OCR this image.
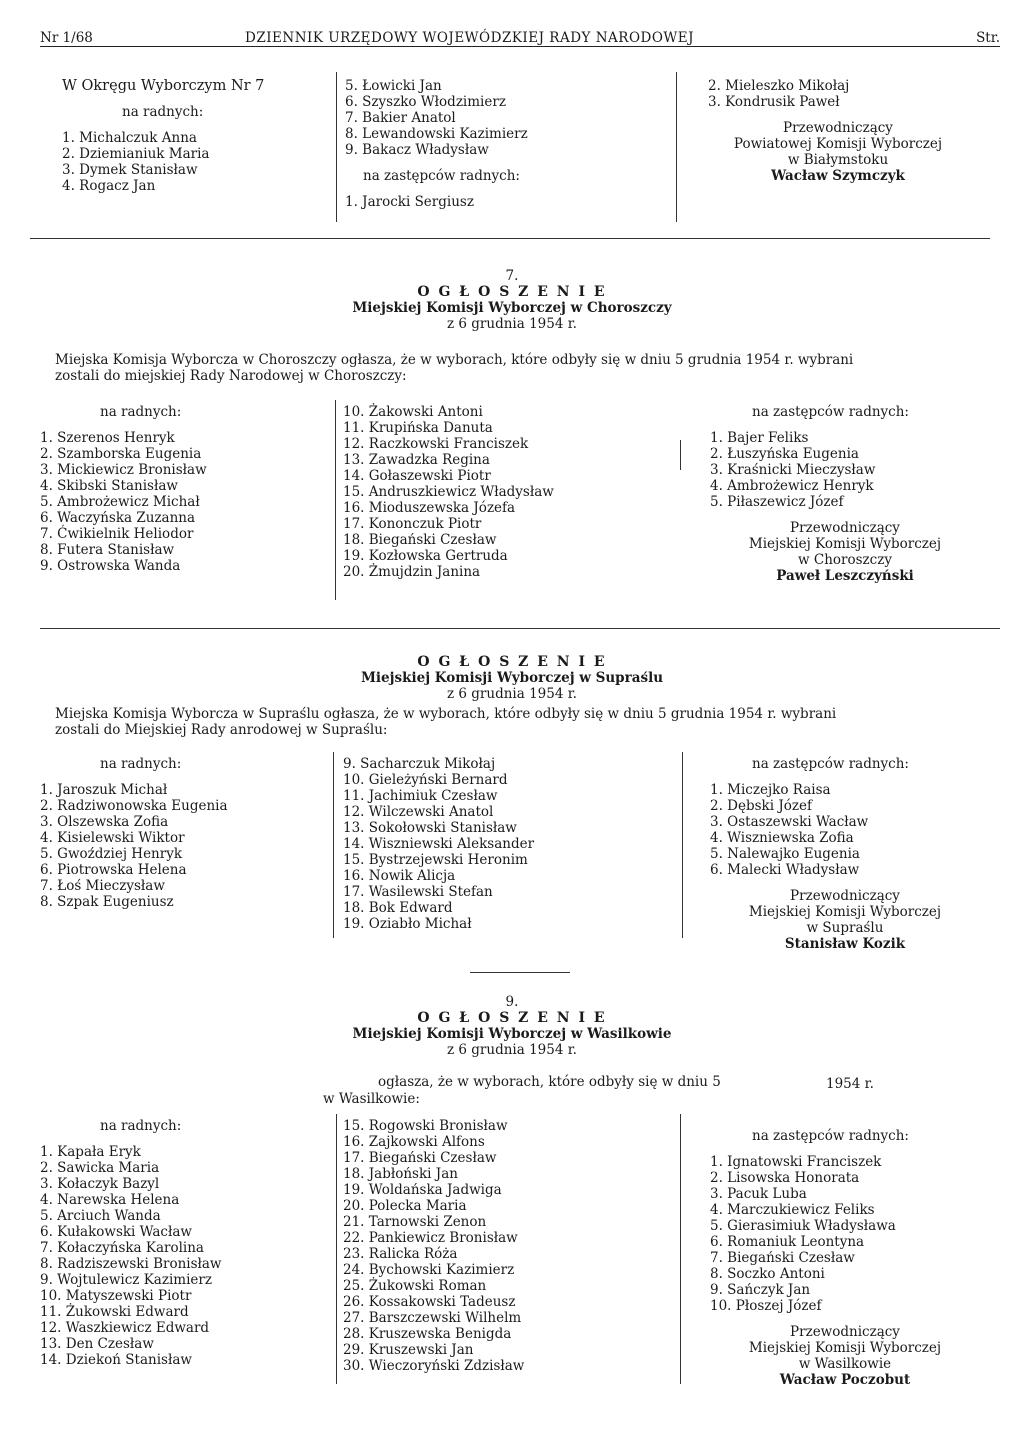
Nr 1/68	DZIENNIK URZĘDOWY WOJEWÓDZKIEJ RADY NARODOWEJ	Str.
W Okręgu Wyborczym Nr 7
na radnych:
1. Michalczuk Anna
2. Dziemianiuk Maria
3. Dymek Stanisław
4. Rogacz Jan
5. Łowicki Jan
6. Szyszko Włodzimierz
7. Bakier Anatol
8. Lewandowski Kazimierz
9. Bakacz Władysław
na zastępców radnych:
1. Jarocki Sergiusz
2. Mieleszko Mikołaj
3. Kondrusik Paweł
Przewodniczący
Powiatowej Komisji Wyborczej
w Białymstoku
Wacław Szymczyk
7.
O G Ł O S Z E N I E
Miejskiej Komisji Wyborczej w Choroszczy
z 6 grudnia 1954 r.
Miejska Komisja Wyborcza w Choroszczy ogłasza, że w wyborach, które odbyły się w dniu 5 grudnia 1954 r. wybrani
zostali do miejskiej Rady Narodowej w Choroszczy:
na radnych:
1. Szerenos Henryk
2. Szamborska Eugenia
3. Mickiewicz Bronisław
4. Skibski Stanisław
5. Ambrożewicz Michał
6. Waczyńska Zuzanna
7. Ćwikielnik Heliodor
8. Futera Stanisław
9. Ostrowska Wanda
10. Żakowski Antoni
11. Krupińska Danuta
12. Raczkowski Franciszek
13. Zawadzka Regina
14. Gołaszewski Piotr
15. Andruszkiewicz Władysław
16. Mioduszewska Józefa
17. Kononczuk Piotr
18. Biegański Czesław
19. Kozłowska Gertruda
20. Żmujdzin Janina
na zastępców radnych:
1. Bajer Feliks
2. Łuszyńska Eugenia
3. Kraśnicki Mieczysław
4. Ambrożewicz Henryk
5. Piłaszewicz Józef
Przewodniczący
Miejskiej Komisji Wyborczej
w Choroszczy
Paweł Leszczyński
O G Ł O S Z E N I E
Miejskiej Komisji Wyborczej w Supraślu
z 6 grudnia 1954 r.
Miejska Komisja Wyborcza w Supraślu ogłasza, że w wyborach, które odbyły się w dniu 5 grudnia 1954 r. wybrani
zostali do Miejskiej Rady anrodowej w Supraślu:
na radnych:
1. Jaroszuk Michał
2. Radziwonowska Eugenia
3. Olszewska Zofia
4. Kisielewski Wiktor
5. Gwoździej Henryk
6. Piotrowska Helena
7. Łoś Mieczysław
8. Szpak Eugeniusz
9. Sacharczuk Mikołaj
10. Gieleżyński Bernard
11. Jachimiuk Czesław
12. Wilczewski Anatol
13. Sokołowski Stanisław
14. Wiszniewski Aleksander
15. Bystrzejewski Heronim
16. Nowik Alicja
17. Wasilewski Stefan
18. Bok Edward
19. Oziabło Michał
na zastępców radnych:
1. Miczejko Raisa
2. Dębski Józef
3. Ostaszewski Wacław
4. Wiszniewska Zofia
5. Nalewajko Eugenia
6. Malecki Władysław
Przewodniczący
Miejskiej Komisji Wyborczej
w Supraślu
Stanisław Kozik
9.
O G Ł O S Z E N I E
Miejskiej Komisji Wyborczej w Wasilkowie
z 6 grudnia 1954 r.
ogłasza, że w wyborach, które odbyły się w dniu 5	1954 r.
w Wasilkowie:
na radnych:
1. Kapała Eryk
2. Sawicka Maria
3. Kołaczyk Bazyl
4. Narewska Helena
5. Arciuch Wanda
6. Kułakowski Wacław
7. Kołaczyńska Karolina
8. Radziszewski Bronisław
9. Wojtulewicz Kazimierz
10. Matyszewski Piotr
11. Żukowski Edward
12. Waszkiewicz Edward
13. Den Czesław
14. Dziekoń Stanisław
15. Rogowski Bronisław
16. Zajkowski Alfons
17. Biegański Czesław
18. Jabłoński Jan
19. Woldańska Jadwiga
20. Polecka Maria
21. Tarnowski Zenon
22. Pankiewicz Bronisław
23. Ralicka Róża
24. Bychowski Kazimierz
25. Żukowski Roman
26. Kossakowski Tadeusz
27. Barszczewski Wilhelm
28. Kruszewska Benigda
29. Kruszewski Jan
30. Wieczoryński Zdzisław
na zastępców radnych:
1. Ignatowski Franciszek
2. Lisowska Honorata
3. Pacuk Luba
4. Marczukiewicz Feliks
5. Gierasimiuk Władysława
6. Romaniuk Leontyna
7. Biegański Czesław
8. Soczko Antoni
9. Sańczyk Jan
10. Płoszej Józef
Przewodniczący
Miejskiej Komisji Wyborczej
w Wasilkowie
Wacław Poczobut
